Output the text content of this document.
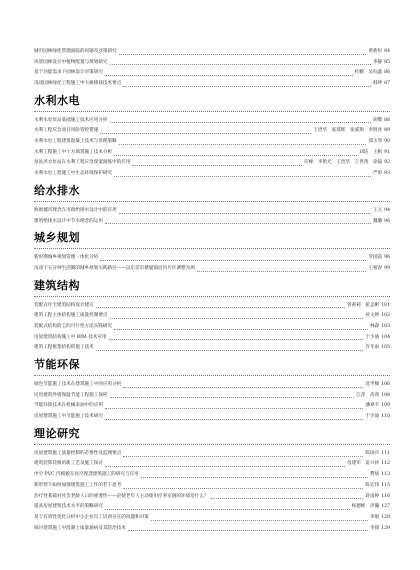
城市园林绿化管理面临的问题及对策研究	黄新恒 84
风景园林设计中植物配置与规划研究	李静 85
基于功能需求下园林设计对策研究	杜鹏　吴钰鑫 86
浅谈园林绿化工程施工中大树移栽技术要点	韩坤 87
水利水电
水利水电泵站基础施工技术应用分析	胡鹭 88
水利工程应急项目风险管控措施	王贵华　张郑辉　张威翔　李胜亮 89
水利水电工程建筑混凝土技术与管理策略	郑玉琴 90
水利工程施工中土方填筑施工技术分析	刘洁　王帆 91
泵站洪水泵站在水利工程应急预案演练中的应用	许峰　李艳光　王贵华　王世鸿　徐磊 92
水利水电工程施工中生态环境保护研究	严勇 93
给水排水
海绵城市理念在市政给排水设计中的应用	王元 94
建筑给排水设计中节水理念的运用	魏璐 96
城乡规划
新时期城乡规划管理一体化分析	罗国前 96
浅谈十五分钟生活圈的城乡规划实践路径——以东莞市塘厦镇沿河片区调整为例	王梧春 99
建筑结构
装配式住宅建筑结构设计建议	曾莉莉　霍孟彬 101
建筑工程主体结构施工质量控制要点	孙文婷 102
装配式结构防尘的可行性方法实践研究	林森 103
房屋建筑结构施工中 BIM 技术应用	于少波 104
建筑工程框架结构的施工技术	许冬雨 105
节能环保
绿色节能施工技术在建筑施工中的应用分析	沈芊蜂 106
民用建筑外墙保温节能工程施工探析	江萍　高鸿 108
节能环保技术在机械采油中的应用	潘翠平 109
房屋建筑施工中节能施工技术研究	于少波 110
理论研究
房屋建筑施工质量控制的必要性及监理要点	陈国兵 111
建筑装饰装修的新工艺及施工探讨	肖建军　雷兴祥 112
中空 PVC 内模板在高空现浇建筑施工的研究与应用	樊斌 113
新形势下如何加强建筑施工工作的若干思考	陈宏伟 115
治疗性基础对社会老龄人口的重要性——论使老年人主动使用疗养室圆的环境是什么？	蒋雨婷 116
提高房屋建筑技术水平的策略研究	杨德彬　洪瀚 127
基于有效性优化分析中小企业员工培训存在的问题和对策	李娟 128
探讨建筑施工中混凝土质量通病及其防治技术	李甜 129
